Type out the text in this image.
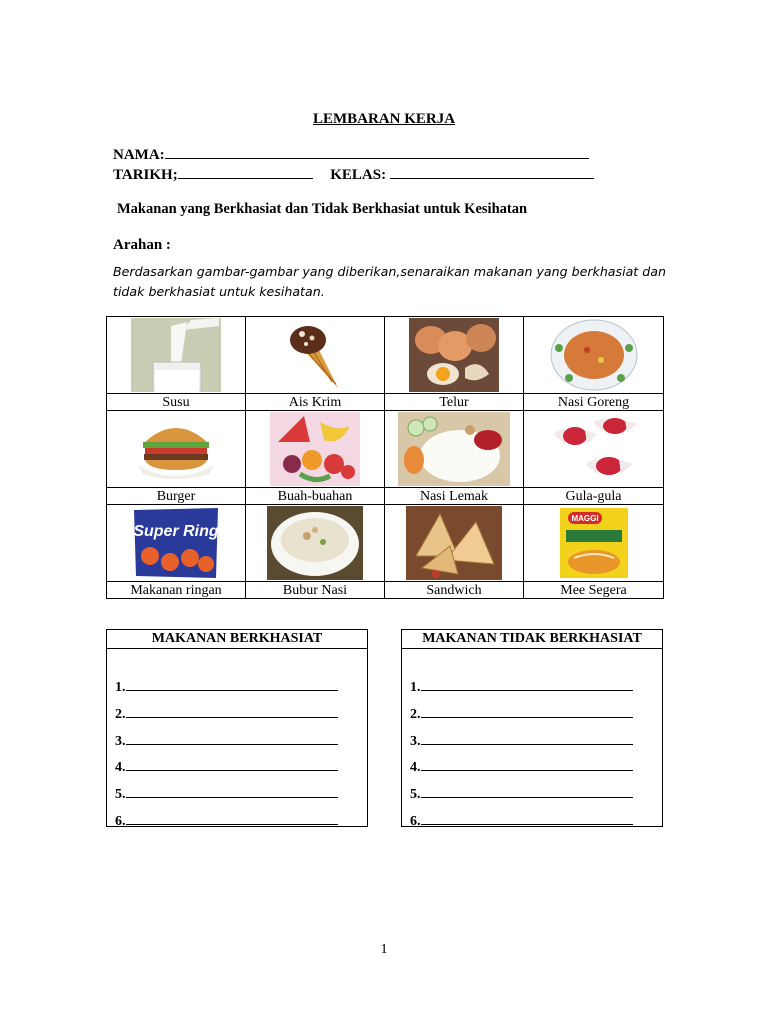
LEMBARAN KERJA
NAMA:
TARIKH;	KELAS:
Makanan yang Berkhasiat dan Tidak Berkhasiat untuk Kesihatan
Arahan :
Berdasarkan gambar-gambar yang diberikan,senaraikan makanan yang berkhasiat dan tidak berkhasiat untuk kesihatan.

Susu	Ais Krim	Telur	Nasi Goreng

Burger	Buah-buahan	Nasi Lemak	Gula-gula

Super Ring			MAGGI

Makanan ringan	Bubur Nasi	Sandwich	Mee Segera
MAKANAN BERKHASIAT
1.
2.
3.
4.
5.
6.
MAKANAN TIDAK BERKHASIAT
1.
2.
3.
4.
5.
6.
1
